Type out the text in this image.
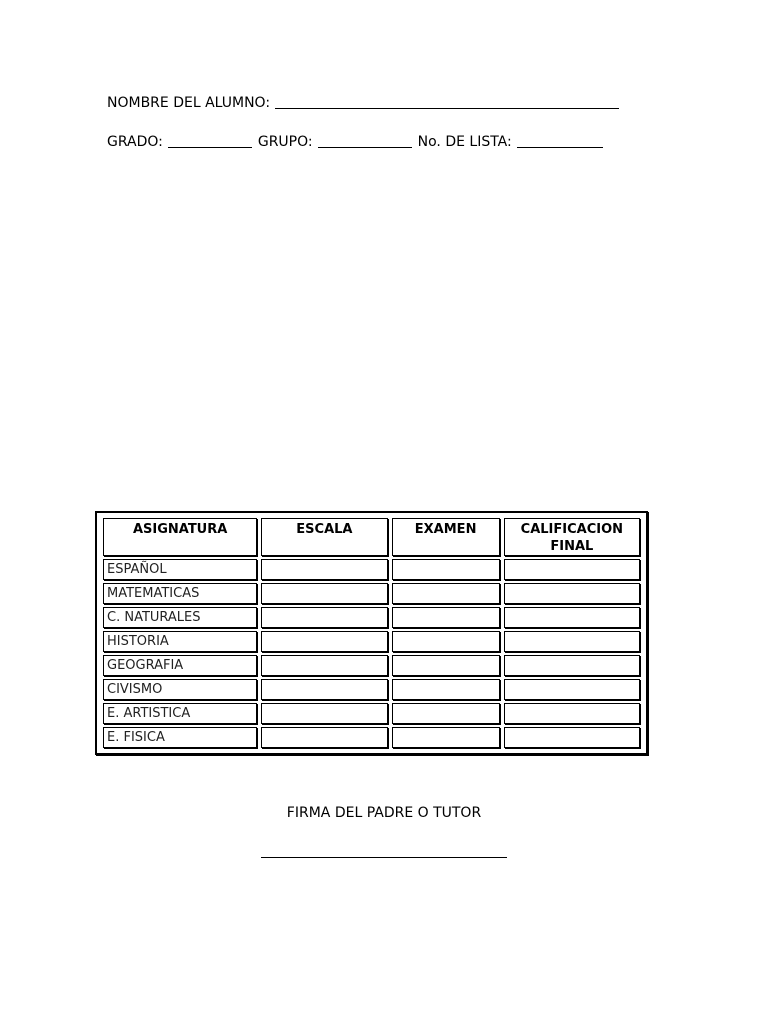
NOMBRE DEL ALUMNO:
GRADO:	GRUPO:	No. DE LISTA:
ASIGNATURA	ESCALA	EXAMEN	CALIFICACION FINAL
ESPAÑOL			
MATEMATICAS			
C. NATURALES			
HISTORIA			
GEOGRAFIA			
CIVISMO			
E. ARTISTICA			
E. FISICA			
FIRMA DEL PADRE O TUTOR
